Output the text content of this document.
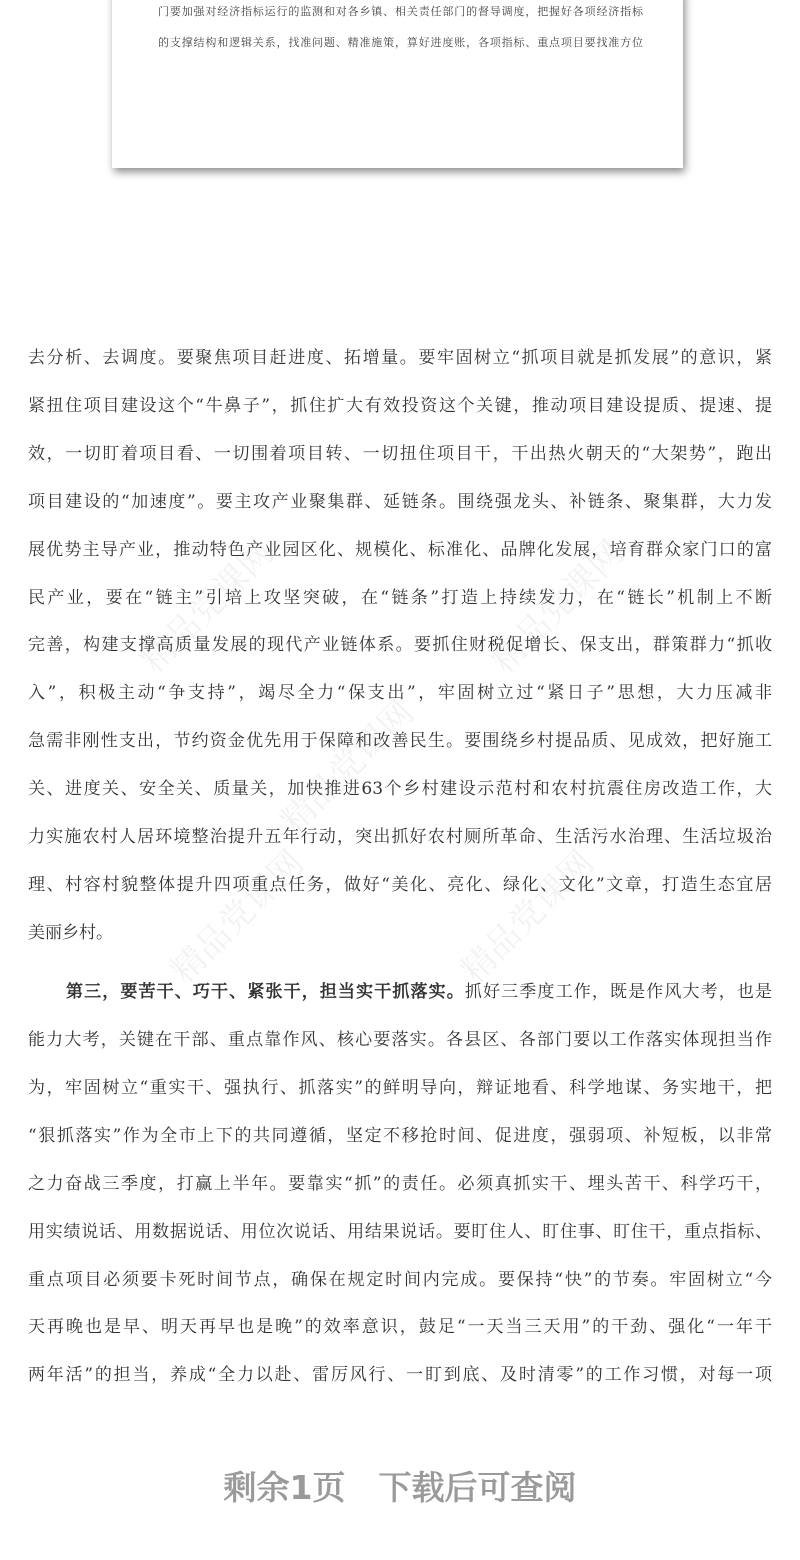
门要加强对经济指标运行的监测和对各乡镇、相关责任部门的督导调度，把握好各项经济指标
的支撑结构和逻辑关系，找准问题、精准施策，算好进度账，各项指标、重点项目要找准方位
精品党课网	精品党课网
精品党课网
精品党课网	精品党课网
去分析、去调度。要聚焦项目赶进度、拓增量。要牢固树立“抓项目就是抓发展”的意识，紧
紧扭住项目建设这个“牛鼻子”，抓住扩大有效投资这个关键，推动项目建设提质、提速、提
效，一切盯着项目看、一切围着项目转、一切扭住项目干，干出热火朝天的“大架势”，跑出
项目建设的“加速度”。要主攻产业聚集群、延链条。围绕强龙头、补链条、聚集群，大力发
展优势主导产业，推动特色产业园区化、规模化、标准化、品牌化发展，培育群众家门口的富
民产业，要在“链主”引培上攻坚突破，在“链条”打造上持续发力，在“链长”机制上不断
完善，构建支撑高质量发展的现代产业链体系。要抓住财税促增长、保支出，群策群力“抓收
入”，积极主动“争支持”，竭尽全力“保支出”，牢固树立过“紧日子”思想，大力压减非
急需非刚性支出，节约资金优先用于保障和改善民生。要围绕乡村提品质、见成效，把好施工
关、进度关、安全关、质量关，加快推进63个乡村建设示范村和农村抗震住房改造工作，大
力实施农村人居环境整治提升五年行动，突出抓好农村厕所革命、生活污水治理、生活垃圾治
理、村容村貌整体提升四项重点任务，做好“美化、亮化、绿化、文化”文章，打造生态宜居
美丽乡村。
第三，要苦干、巧干、紧张干，担当实干抓落实。抓好三季度工作，既是作风大考，也是
能力大考，关键在干部、重点靠作风、核心要落实。各县区、各部门要以工作落实体现担当作
为，牢固树立“重实干、强执行、抓落实”的鲜明导向，辩证地看、科学地谋、务实地干，把
“狠抓落实”作为全市上下的共同遵循，坚定不移抢时间、促进度，强弱项、补短板，以非常
之力奋战三季度，打赢上半年。要靠实“抓”的责任。必须真抓实干、埋头苦干、科学巧干，
用实绩说话、用数据说话、用位次说话、用结果说话。要盯住人、盯住事、盯住干，重点指标、
重点项目必须要卡死时间节点，确保在规定时间内完成。要保持“快”的节奏。牢固树立“今
天再晚也是早、明天再早也是晚”的效率意识，鼓足“一天当三天用”的干劲、强化“一年干
两年活”的担当，养成“全力以赴、雷厉风行、一盯到底、及时清零”的工作习惯，对每一项
剩余1页　下载后可查阅
